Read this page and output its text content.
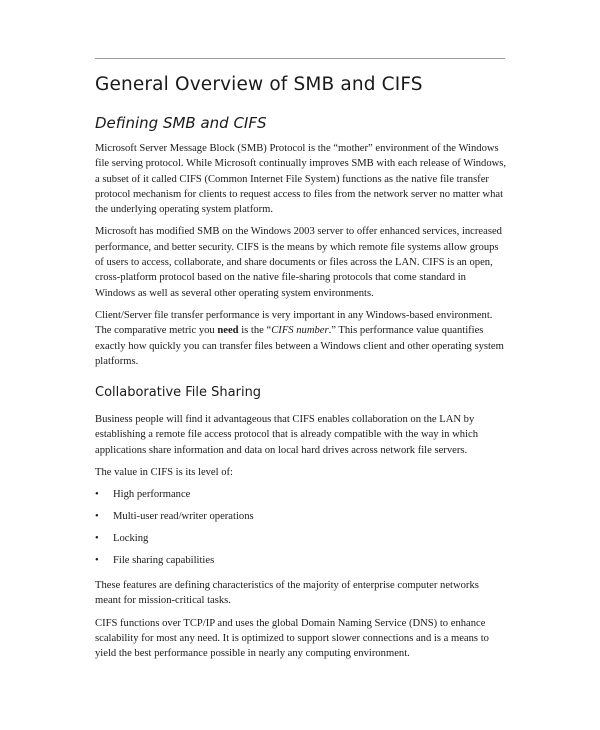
General Overview of SMB and CIFS
Defining SMB and CIFS

Microsoft Server Message Block (SMB) Protocol is the “mother” environment of the Windows file serving protocol. While Microsoft continually improves SMB with each release of Windows, a subset of it called CIFS (Common Internet File System) functions as the native file transfer protocol mechanism for clients to request access to files from the network server no matter what the underlying operating system platform.

Microsoft has modified SMB on the Windows 2003 server to offer enhanced services, increased performance, and better security. CIFS is the means by which remote file systems allow groups of users to access, collaborate, and share documents or files across the LAN. CIFS is an open, cross-platform protocol based on the native file-sharing protocols that come standard in Windows as well as several other operating system environments.

Client/Server file transfer performance is very important in any Windows-based environment. The comparative metric you need is the “CIFS number.” This performance value quantifies exactly how quickly you can transfer files between a Windows client and other operating system platforms.

Collaborative File Sharing

Business people will find it advantageous that CIFS enables collaboration on the LAN by establishing a remote file access protocol that is already compatible with the way in which applications share information and data on local hard drives across network file servers.

The value in CIFS is its level of:

• High performance
• Multi-user read/writer operations
• Locking
• File sharing capabilities

These features are defining characteristics of the majority of enterprise computer networks meant for mission-critical tasks.

CIFS functions over TCP/IP and uses the global Domain Naming Service (DNS) to enhance scalability for most any need. It is optimized to support slower connections and is a means to yield the best performance possible in nearly any computing environment.
